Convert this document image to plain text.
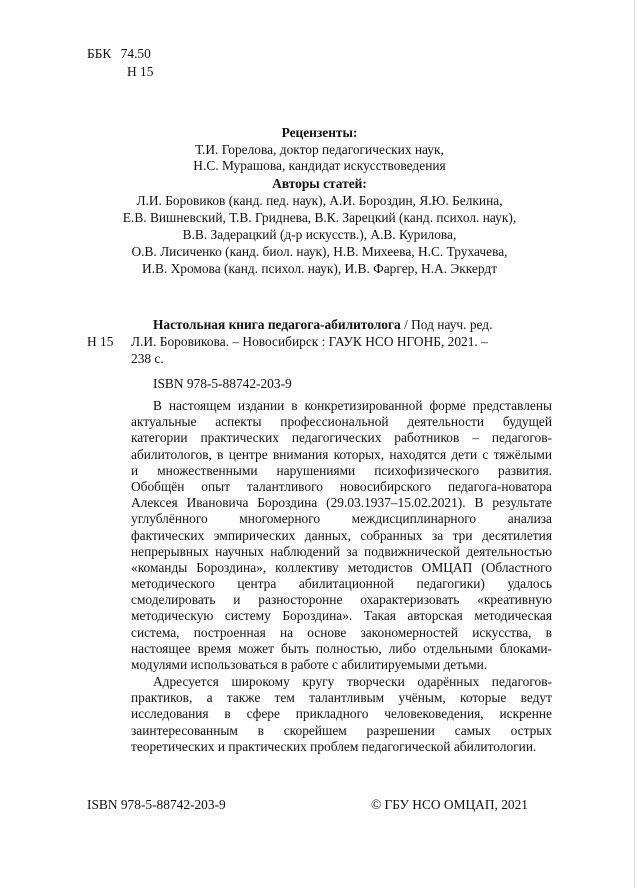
ББК 74.50
Н 15
Рецензенты:
Т.И. Горелова, доктор педагогических наук,
Н.С. Мурашова, кандидат искусствоведения
Авторы статей:
Л.И. Боровиков (канд. пед. наук), А.И. Бороздин, Я.Ю. Белкина,
Е.В. Вишневский, Т.В. Гриднева, В.К. Зарецкий (канд. психол. наук),
В.В. Задерацкий (д-р искусств.), А.В. Курилова,
О.В. Лисиченко (канд. биол. наук), Н.В. Михеева, Н.С. Трухачева,
И.В. Хромова (канд. психол. наук), И.В. Фаргер, Н.А. Эккердт
Настольная книга педагога-абилитолога / Под науч. ред.
Н 15 Л.И. Боровикова. – Новосибирск : ГАУК НСО НГОНБ, 2021. –
238 с.
ISBN 978-5-88742-203-9
В настоящем издании в конкретизированной форме представлены
актуальные аспекты профессиональной деятельности будущей
категории практических педагогических работников – педагогов-
абилитологов, в центре внимания которых, находятся дети с тяжёлыми
и множественными нарушениями психофизического развития.
Обобщён опыт талантливого новосибирского педагога-новатора
Алексея Ивановича Бороздина (29.03.1937–15.02.2021). В результате
углублённого многомерного междисциплинарного анализа
фактических эмпирических данных, собранных за три десятилетия
непрерывных научных наблюдений за подвижнической деятельностью
«команды Бороздина», коллективу методистов ОМЦАП (Областного
методического центра абилитационной педагогики) удалось
смоделировать и разносторонне охарактеризовать «креативную
методическую систему Бороздина». Такая авторская методическая
система, построенная на основе закономерностей искусства, в
настоящее время может быть полностью, либо отдельными блоками-
модулями использоваться в работе с абилитируемыми детьми.
Адресуется широкому кругу творчески одарённых педагогов-
практиков, а также тем талантливым учёным, которые ведут
исследования в сфере прикладного человековедения, искренне
заинтересованным в скорейшем разрешении самых острых
теоретических и практических проблем педагогической абилитологии.
ISBN 978-5-88742-203-9	© ГБУ НСО ОМЦАП, 2021
